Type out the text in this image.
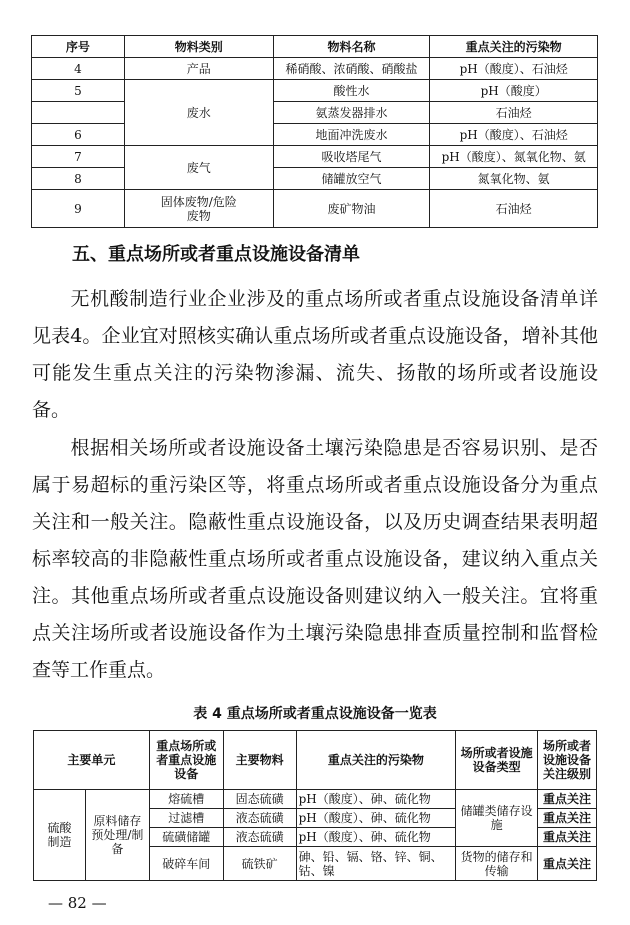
序号	物料类别	物料名称	重点关注的污染物
4	产品	稀硝酸、浓硝酸、硝酸盐	pH（酸度）、石油烃
5	废水	酸性水	pH（酸度）
		氨蒸发器排水	石油烃
6		地面冲洗废水	pH（酸度）、石油烃
7	废气	吸收塔尾气	pH（酸度）、氮氧化物、氨
8		储罐放空气	氮氧化物、氨
9	固体废物/危险废物	废矿物油	石油烃
五、重点场所或者重点设施设备清单

无机酸制造行业企业涉及的重点场所或者重点设施设备清单详见表4。企业宜对照核实确认重点场所或者重点设施设备，增补其他可能发生重点关注的污染物渗漏、流失、扬散的场所或者设施设备。

根据相关场所或者设施设备土壤污染隐患是否容易识别、是否属于易超标的重污染区等，将重点场所或者重点设施设备分为重点关注和一般关注。隐蔽性重点设施设备，以及历史调查结果表明超标率较高的非隐蔽性重点场所或者重点设施设备，建议纳入重点关注。其他重点场所或者重点设施设备则建议纳入一般关注。宜将重点关注场所或者设施设备作为土壤污染隐患排查质量控制和监督检查等工作重点。

表 4 重点场所或者重点设施设备一览表
主要单元		重点场所或者重点设施设备	主要物料	重点关注的污染物	场所或者设施设备类型	场所或者设施设备关注级别
硫酸制造	原料储存预处理/制备	熔硫槽	固态硫磺	pH（酸度）、砷、硫化物	储罐类储存设施	重点关注
		过滤槽	液态硫磺	pH（酸度）、砷、硫化物		重点关注
		硫磺储罐	液态硫磺	pH（酸度）、砷、硫化物		重点关注
		破碎车间	硫铁矿	砷、铅、镉、铬、锌、铜、钴、镍	货物的储存和传输	重点关注
— 82 —
